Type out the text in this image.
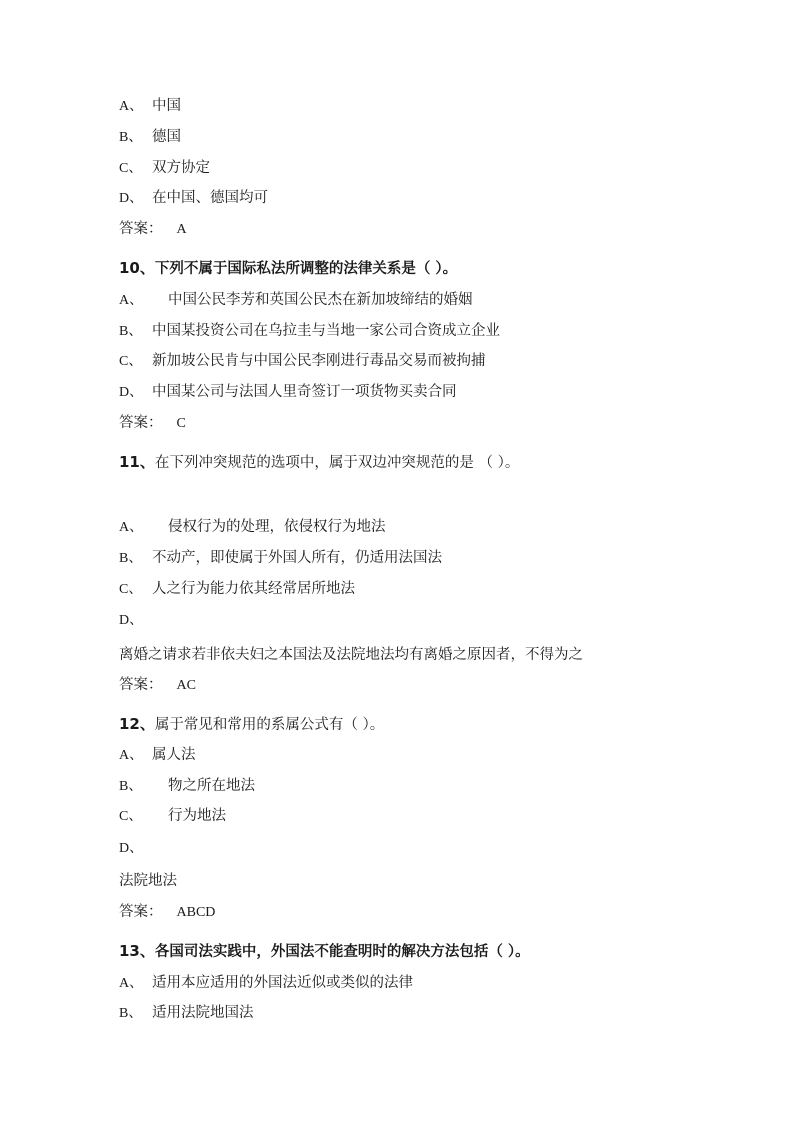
A、 中国
B、 德国
C、 双方协定
D、 在中国、德国均可
答案： A
10、下列不属于国际私法所调整的法律关系是（ ）。
A、 中国公民李芳和英国公民杰在新加坡缔结的婚姻
B、 中国某投资公司在乌拉圭与当地一家公司合资成立企业
C、 新加坡公民肯与中国公民李刚进行毒品交易而被拘捕
D、 中国某公司与法国人里奇签订一项货物买卖合同
答案： C
11、在下列冲突规范的选项中，属于双边冲突规范的是 （ ）。
A、 侵权行为的处理，依侵权行为地法
B、 不动产，即使属于外国人所有，仍适用法国法
C、 人之行为能力依其经常居所地法
D、
离婚之请求若非依夫妇之本国法及法院地法均有离婚之原因者，不得为之
答案： AC
12、属于常见和常用的系属公式有（ ）。
A、 属人法
B、 物之所在地法
C、 行为地法
D、
法院地法
答案： ABCD
13、各国司法实践中，外国法不能查明时的解决方法包括（ ）。
A、 适用本应适用的外国法近似或类似的法律
B、 适用法院地国法
